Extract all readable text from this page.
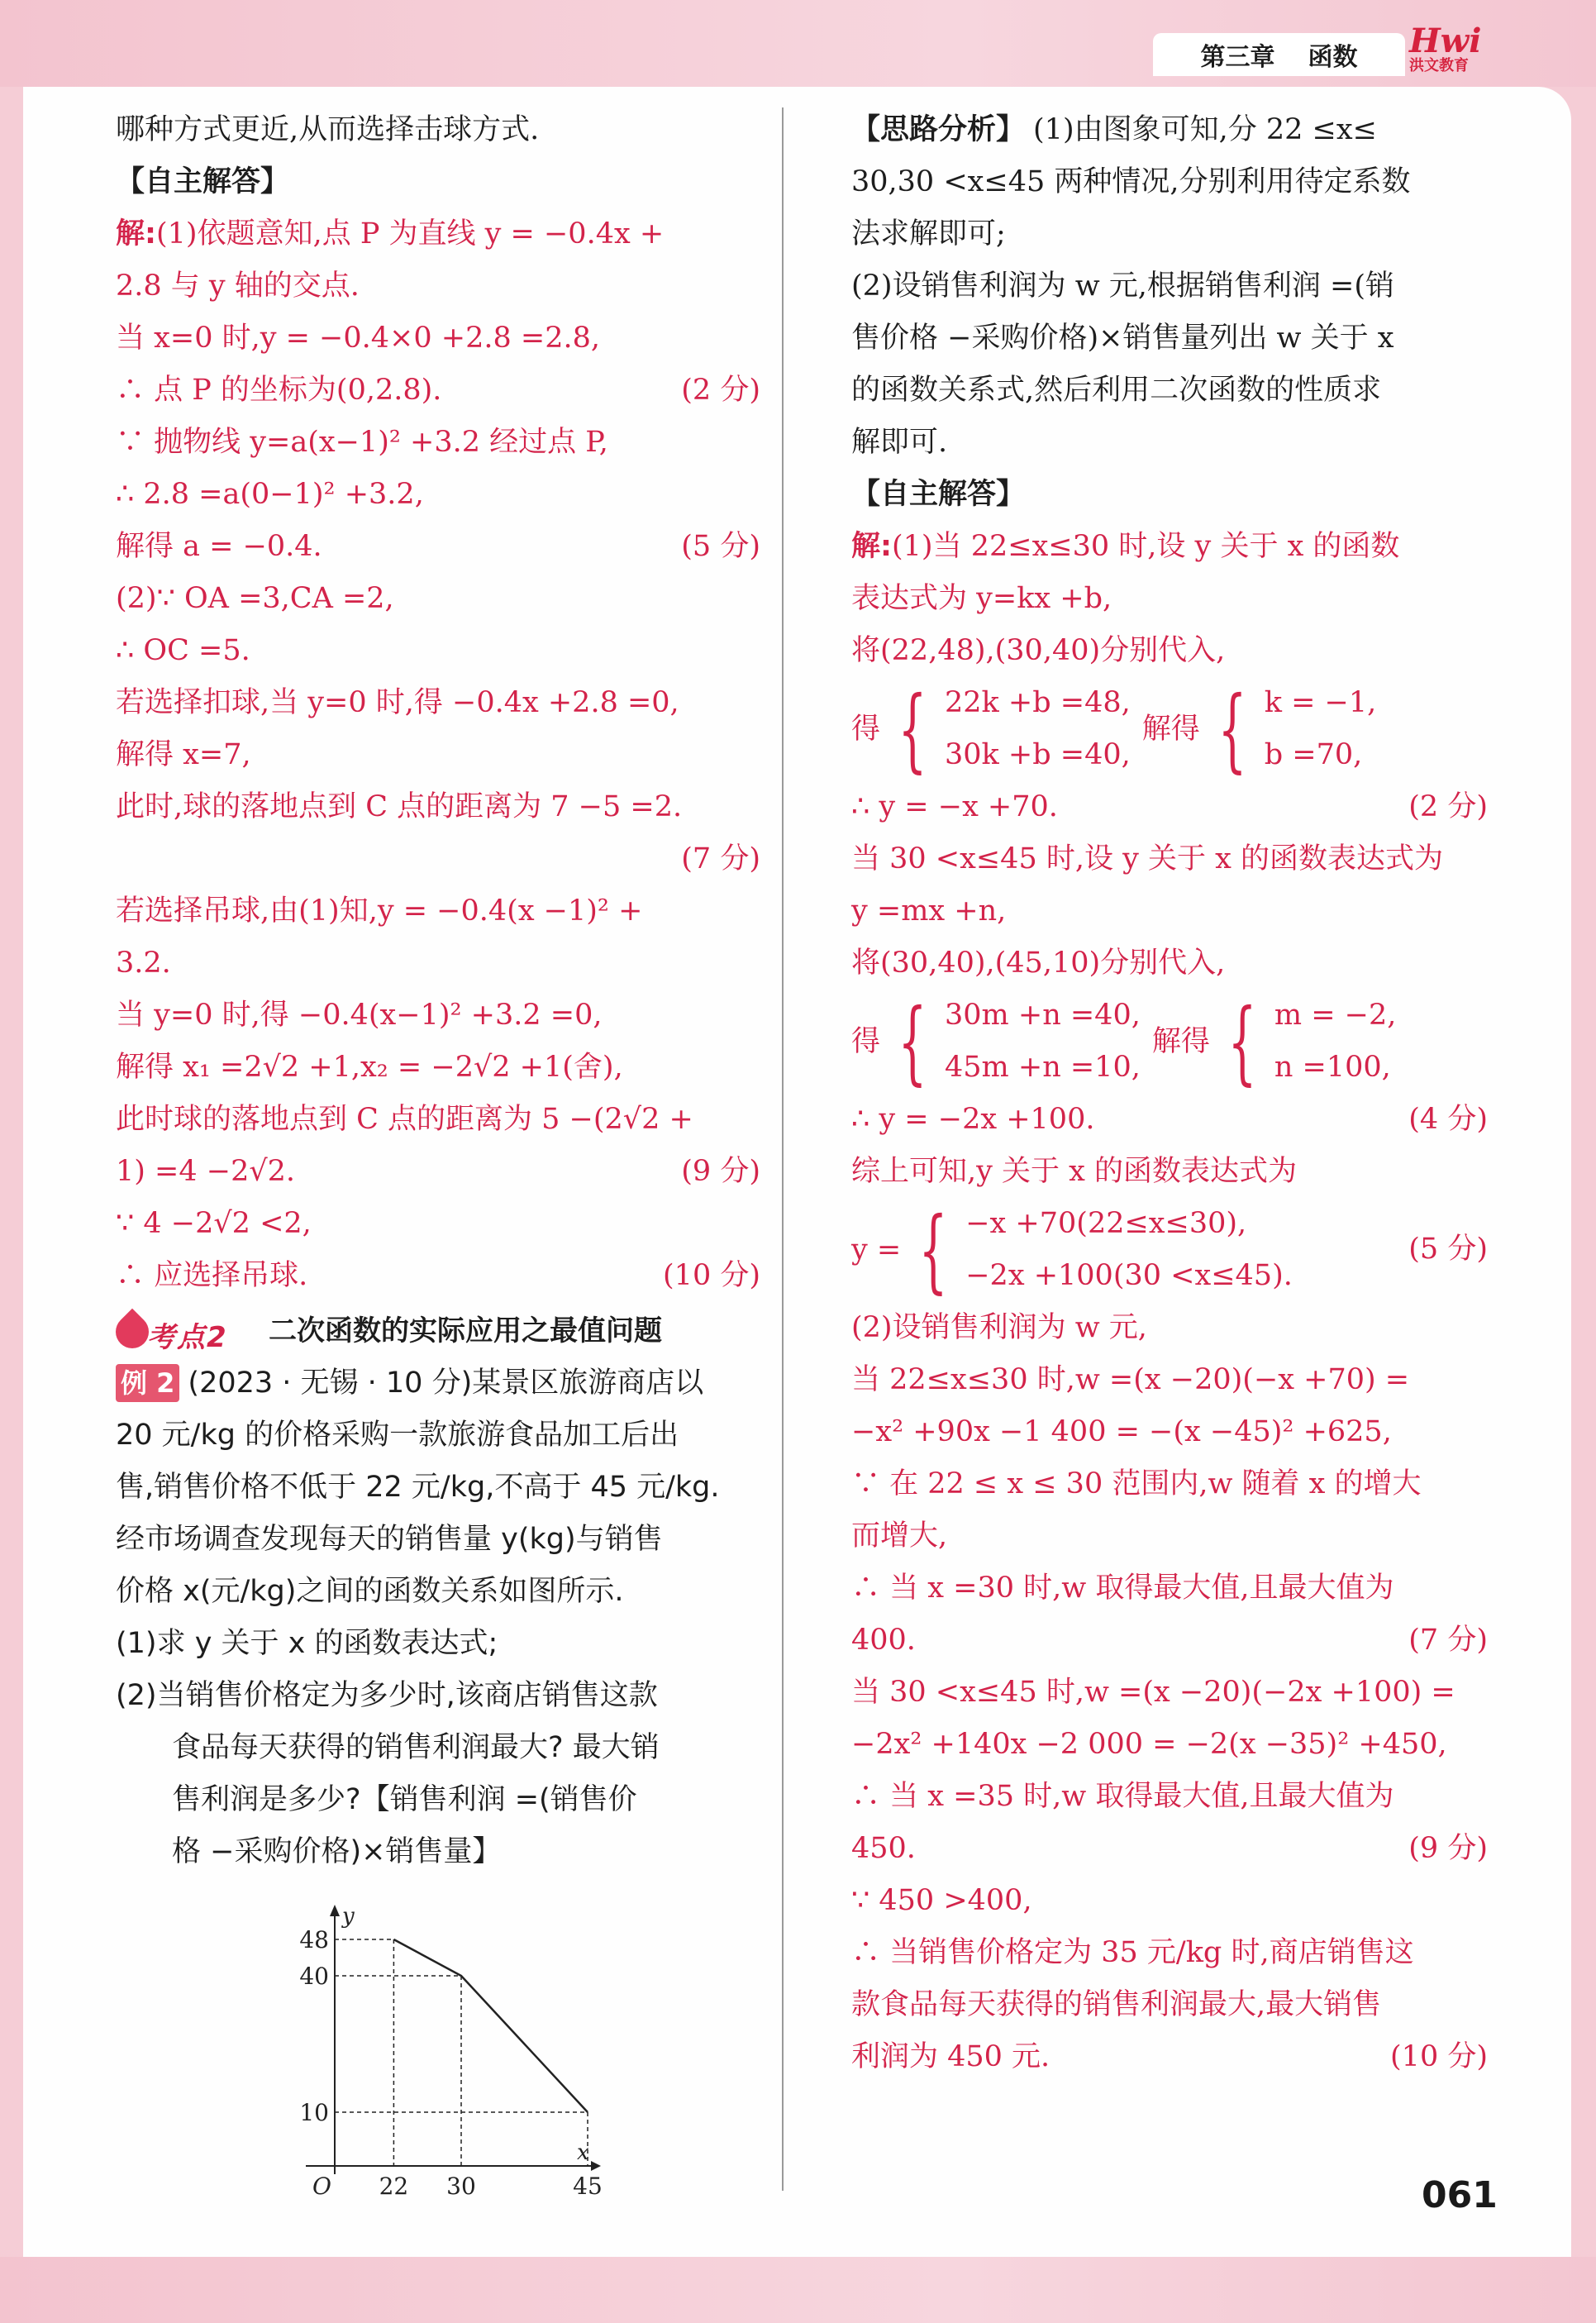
第三章 函数 Hwi
洪文教育
哪种方式更近,从而选择击球方式.
【自主解答】
解:(1)依题意知,点 P 为直线 y = −0.4x +
2.8 与 y 轴的交点.
当 x=0 时,y = −0.4×0 +2.8 =2.8,
∴ 点 P 的坐标为(0,2.8).	(2 分)
∵ 抛物线 y=a(x−1)² +3.2 经过点 P,
∴ 2.8 =a(0−1)² +3.2,
解得 a = −0.4.	(5 分)
(2)∵ OA =3,CA =2,
∴ OC =5.
若选择扣球,当 y=0 时,得 −0.4x +2.8 =0,
解得 x=7,
此时,球的落地点到 C 点的距离为 7 −5 =2.
(7 分)
若选择吊球,由(1)知,y = −0.4(x −1)² +
3.2.
当 y=0 时,得 −0.4(x−1)² +3.2 =0,
解得 x₁ =2√2 +1,x₂ = −2√2 +1(舍),
此时球的落地点到 C 点的距离为 5 −(2√2 +
1) =4 −2√2.	(9 分)
∵ 4 −2√2 <2,
∴ 应选择吊球.	(10 分)
考点2 二次函数的实际应用之最值问题
例 2 (2023 · 无锡 · 10 分)某景区旅游商店以
20 元/kg 的价格采购一款旅游食品加工后出
售,销售价格不低于 22 元/kg,不高于 45 元/kg.
经市场调查发现每天的销售量 y(kg)与销售
价格 x(元/kg)之间的函数关系如图所示.
(1)求 y 关于 x 的函数表达式;
(2)当销售价格定为多少时,该商店销售这款
食品每天获得的销售利润最大? 最大销
售利润是多少?【销售利润 =(销售价
格 −采购价格)×销售量】
22 30	45
10
40
48
O
x
y
【思路分析】 (1)由图象可知,分 22 ≤x≤
30,30 <x≤45 两种情况,分别利用待定系数
法求解即可;
(2)设销售利润为 w 元,根据销售利润 =(销
售价格 −采购价格)×销售量列出 w 关于 x
的函数关系式,然后利用二次函数的性质求
解即可.
【自主解答】
解:(1)当 22≤x≤30 时,设 y 关于 x 的函数
表达式为 y=kx +b,
将(22,48),(30,40)分别代入,
得 { 22k +b =48,
30k +b =40,
解得 { k = −1,
b =70,
∴ y = −x +70.	(2 分)
当 30 <x≤45 时,设 y 关于 x 的函数表达式为
y =mx +n,
将(30,40),(45,10)分别代入,
得 { 30m +n =40,
45m +n =10,
解得 { m = −2,
n =100,
∴ y = −2x +100.	(4 分)
综上可知,y 关于 x 的函数表达式为
y = { −x +70(22≤x≤30),
−2x +100(30 <x≤45).
(5 分)
(2)设销售利润为 w 元,
当 22≤x≤30 时,w =(x −20)(−x +70) =
−x² +90x −1 400 = −(x −45)² +625,
∵ 在 22 ≤ x ≤ 30 范围内,w 随着 x 的增大
而增大,
∴ 当 x =30 时,w 取得最大值,且最大值为
400.	(7 分)
当 30 <x≤45 时,w =(x −20)(−2x +100) =
−2x² +140x −2 000 = −2(x −35)² +450,
∴ 当 x =35 时,w 取得最大值,且最大值为
450.	(9 分)
∵ 450 >400,
∴ 当销售价格定为 35 元/kg 时,商店销售这
款食品每天获得的销售利润最大,最大销售
利润为 450 元.	(10 分)
061
